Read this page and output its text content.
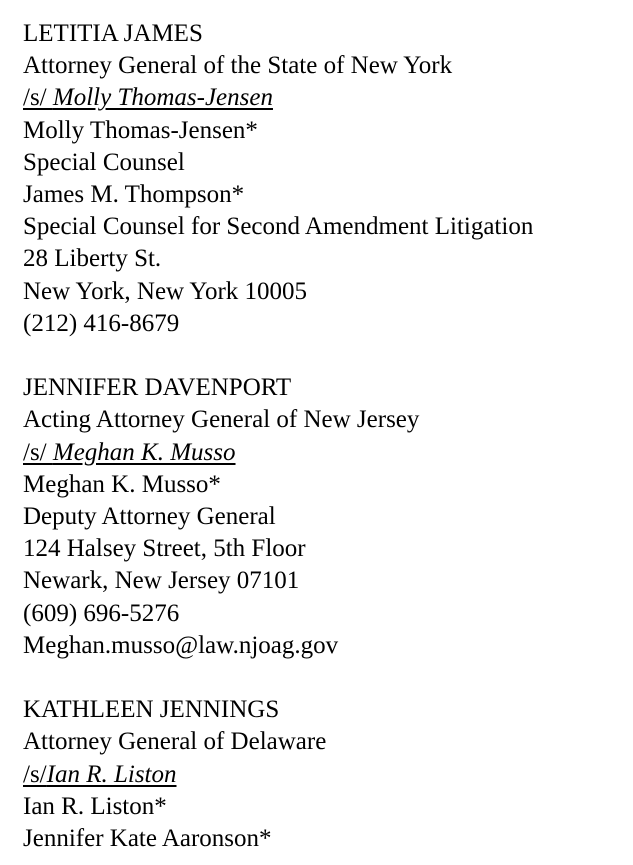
LETITIA JAMES
Attorney General of the State of New York
/s/ Molly Thomas-Jensen
Molly Thomas-Jensen*
Special Counsel
James M. Thompson*
Special Counsel for Second Amendment Litigation
28 Liberty St.
New York, New York 10005
(212) 416-8679
JENNIFER DAVENPORT
Acting Attorney General of New Jersey
/s/ Meghan K. Musso
Meghan K. Musso*
Deputy Attorney General
124 Halsey Street, 5th Floor
Newark, New Jersey 07101
(609) 696-5276
Meghan.musso@law.njoag.gov
KATHLEEN JENNINGS
Attorney General of Delaware
/s/Ian R. Liston
Ian R. Liston*
Jennifer Kate Aaronson*
